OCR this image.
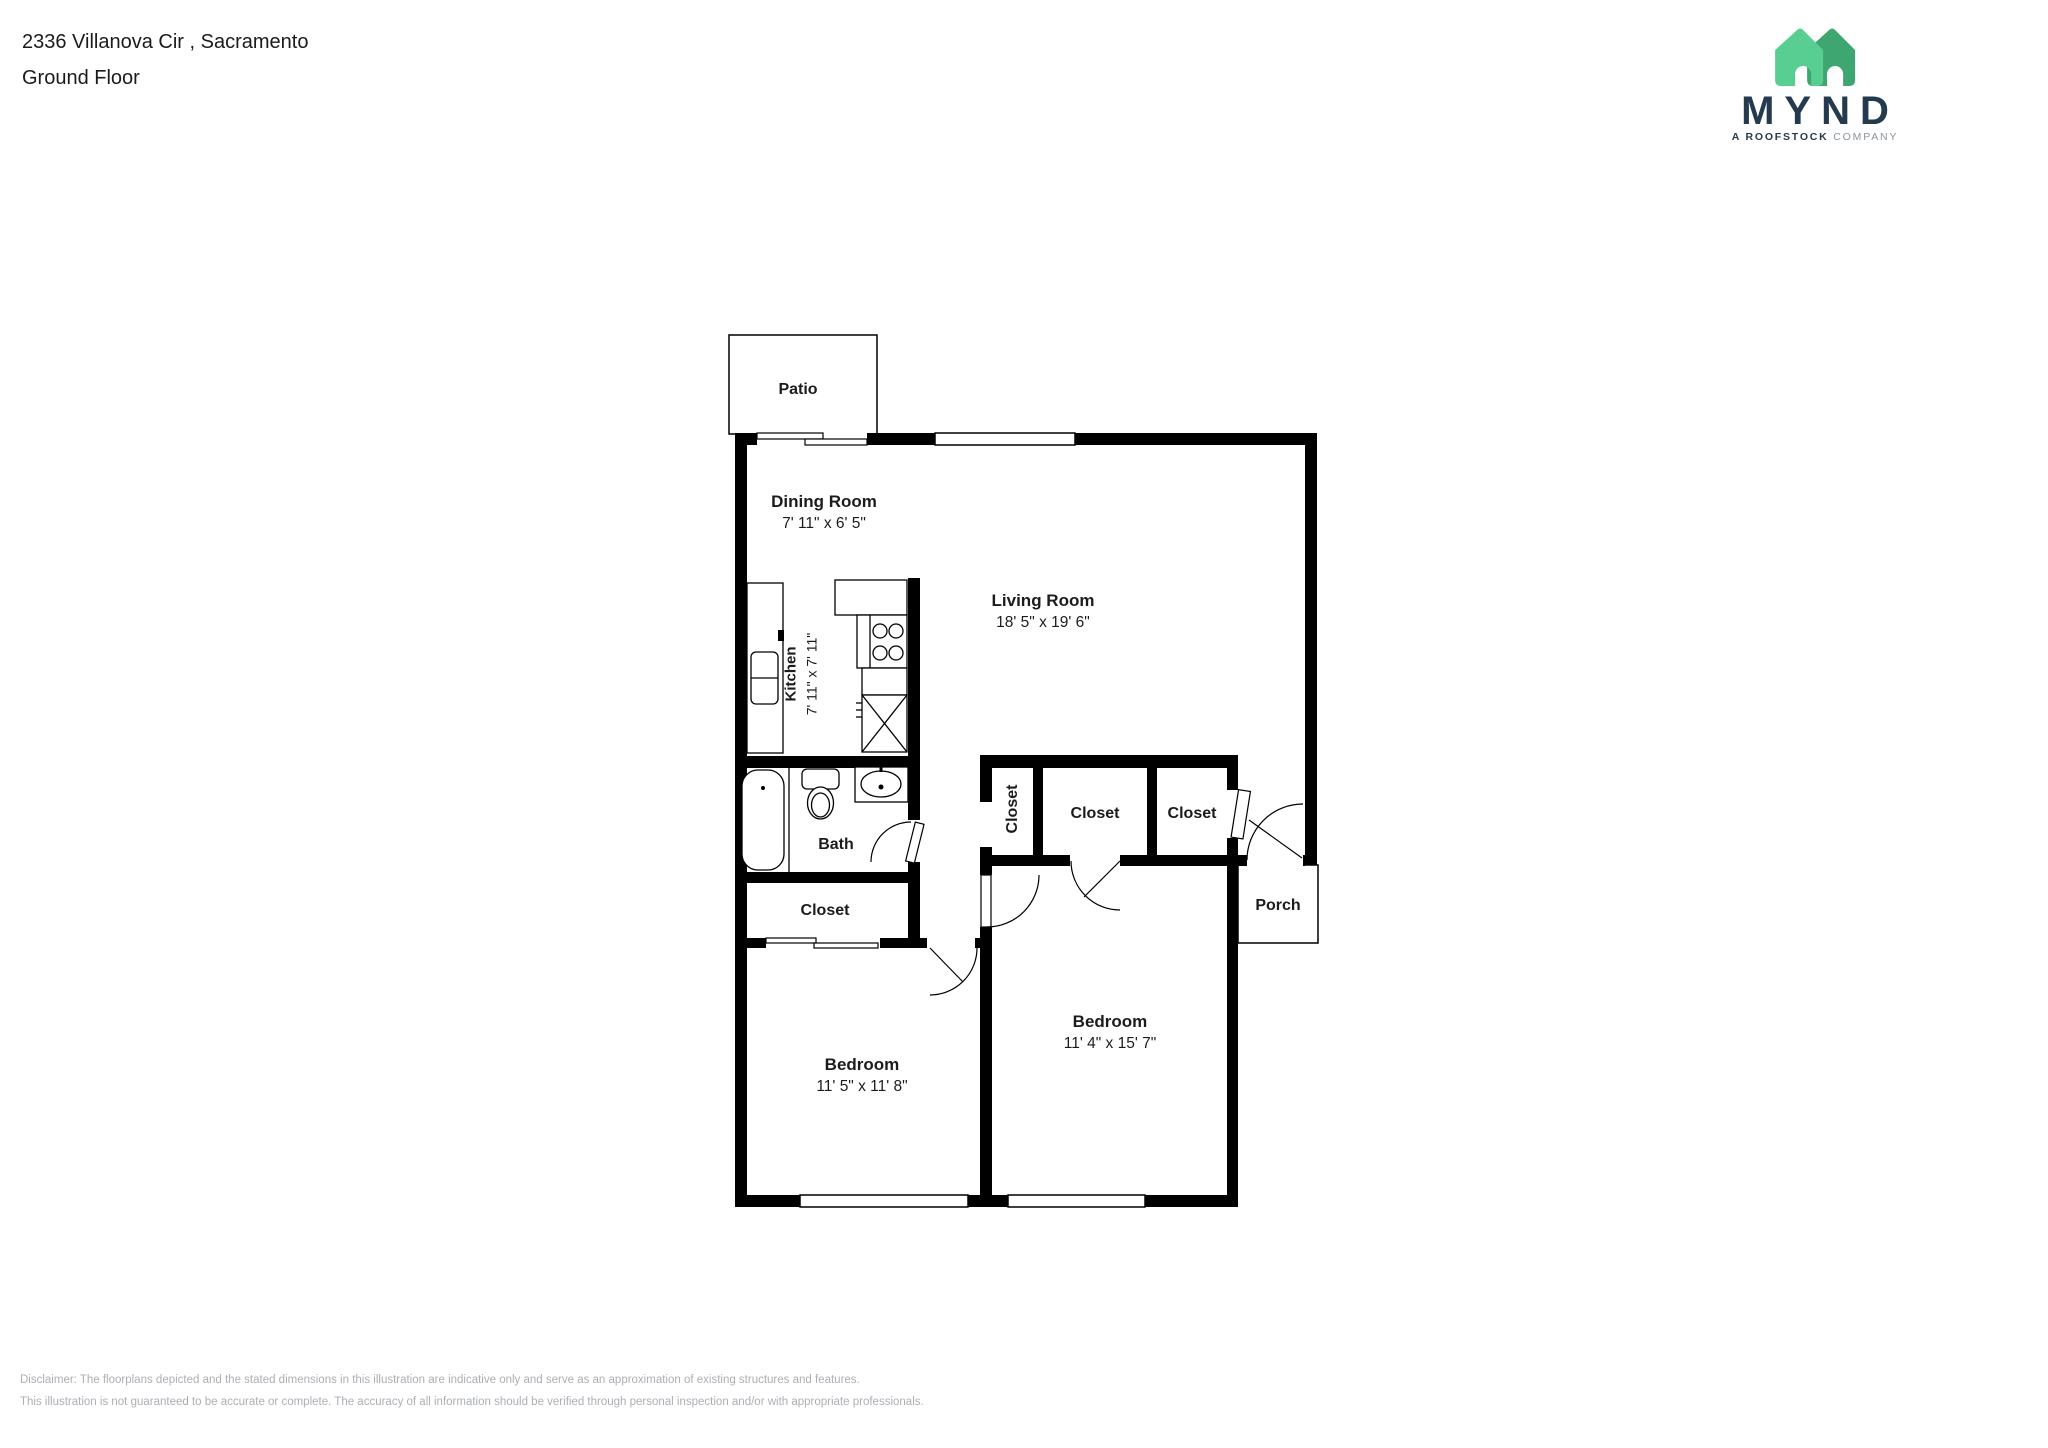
2336 Villanova Cir , Sacramento
Ground Floor
MYND
A ROOFSTOCK COMPANY
Patio
Dining Room
7' 11" x 6' 5"
Living Room
18' 5" x 19' 6"
Kitchen 7' 11" x 7' 11"
Bath
Closet
Closet	Closet	Closet
Porch
Bedroom
11' 5" x 11' 8"
Bedroom
11' 4" x 15' 7"
Disclaimer: The floorplans depicted and the stated dimensions in this illustration are indicative only and serve as an approximation of existing structures and features.
This illustration is not guaranteed to be accurate or complete. The accuracy of all information should be verified through personal inspection and/or with appropriate professionals.
